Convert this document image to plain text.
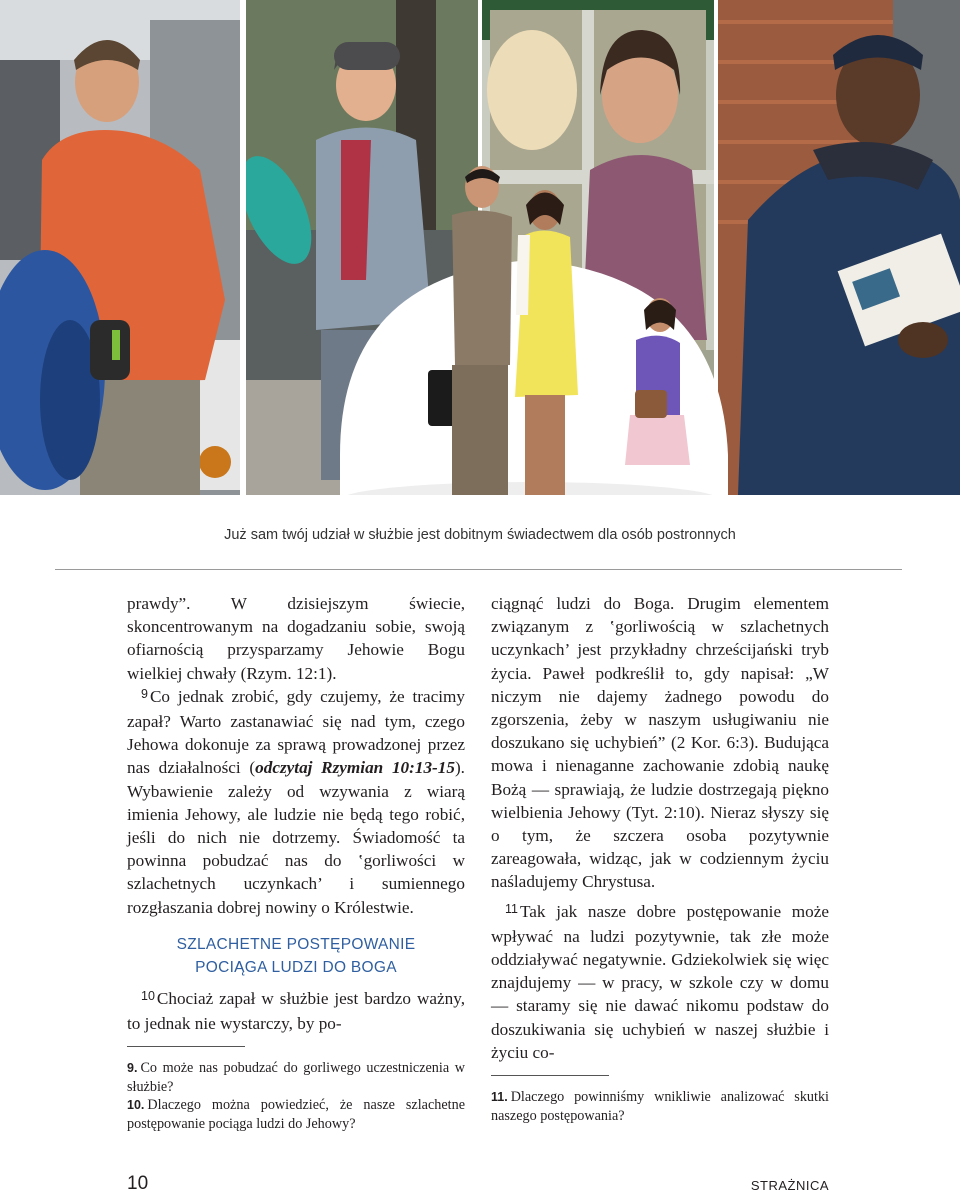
Już sam twój udział w służbie jest dobitnym świadectwem dla osób postronnych

prawdy”. W dzisiejszym świecie, skoncentrowanym na dogadzaniu sobie, swoją ofiarnością przysparzamy Jehowie Bogu wielkiej chwały (Rzym. 12:1).

$^9$ Co jednak zrobić, gdy czujemy, że tracimy zapał? Warto zastanawiać się nad tym, czego Jehowa dokonuje za sprawą prowadzonej przez nas działalności (odczytaj Rzymian 10:13-15). Wybawienie zależy od wzywania z wiarą imienia Jehowy, ale ludzie nie będą tego robić, jeśli do nich nie dotrzemy. Świadomość ta powinna pobudzać nas do ‛gorliwości w szlachetnych uczynkach’ i sumiennego rozgłaszania dobrej nowiny o Królestwie.

SZLACHETNE POSTĘPOWANIE
POCIĄGA LUDZI DO BOGA

$^{10}$ Chociaż zapał w służbie jest bardzo ważny, to jednak nie wystarczy, by po-

9. Co może nas pobudzać do gorliwego uczestniczenia w służbie?

10. Dlaczego można powiedzieć, że nasze szlachetne postępowanie pociąga ludzi do Jehowy?

ciągnąć ludzi do Boga. Drugim elementem związanym z ‛gorliwością w szlachetnych uczynkach’ jest przykładny chrześcijański tryb życia. Paweł podkreślił to, gdy napisał: „W niczym nie dajemy żadnego powodu do zgorszenia, żeby w naszym usługiwaniu nie doszukano się uchybień” (2 Kor. 6:3). Budująca mowa i nienaganne zachowanie zdobią naukę Bożą — sprawiają, że ludzie dostrzegają piękno wielbienia Jehowy (Tyt. 2:10). Nieraz słyszy się o tym, że szczera osoba pozytywnie zareagowała, widząc, jak w codziennym życiu naśladujemy Chrystusa.

$^{11}$ Tak jak nasze dobre postępowanie może wpływać na ludzi pozytywnie, tak złe może oddziaływać negatywnie. Gdziekolwiek się więc znajdujemy — w pracy, w szkole czy w domu — staramy się nie dawać nikomu podstaw do doszukiwania się uchybień w naszej służbie i życiu co-

11. Dlaczego powinniśmy wnikliwie analizować skutki naszego postępowania?

10	STRAŻNICA
